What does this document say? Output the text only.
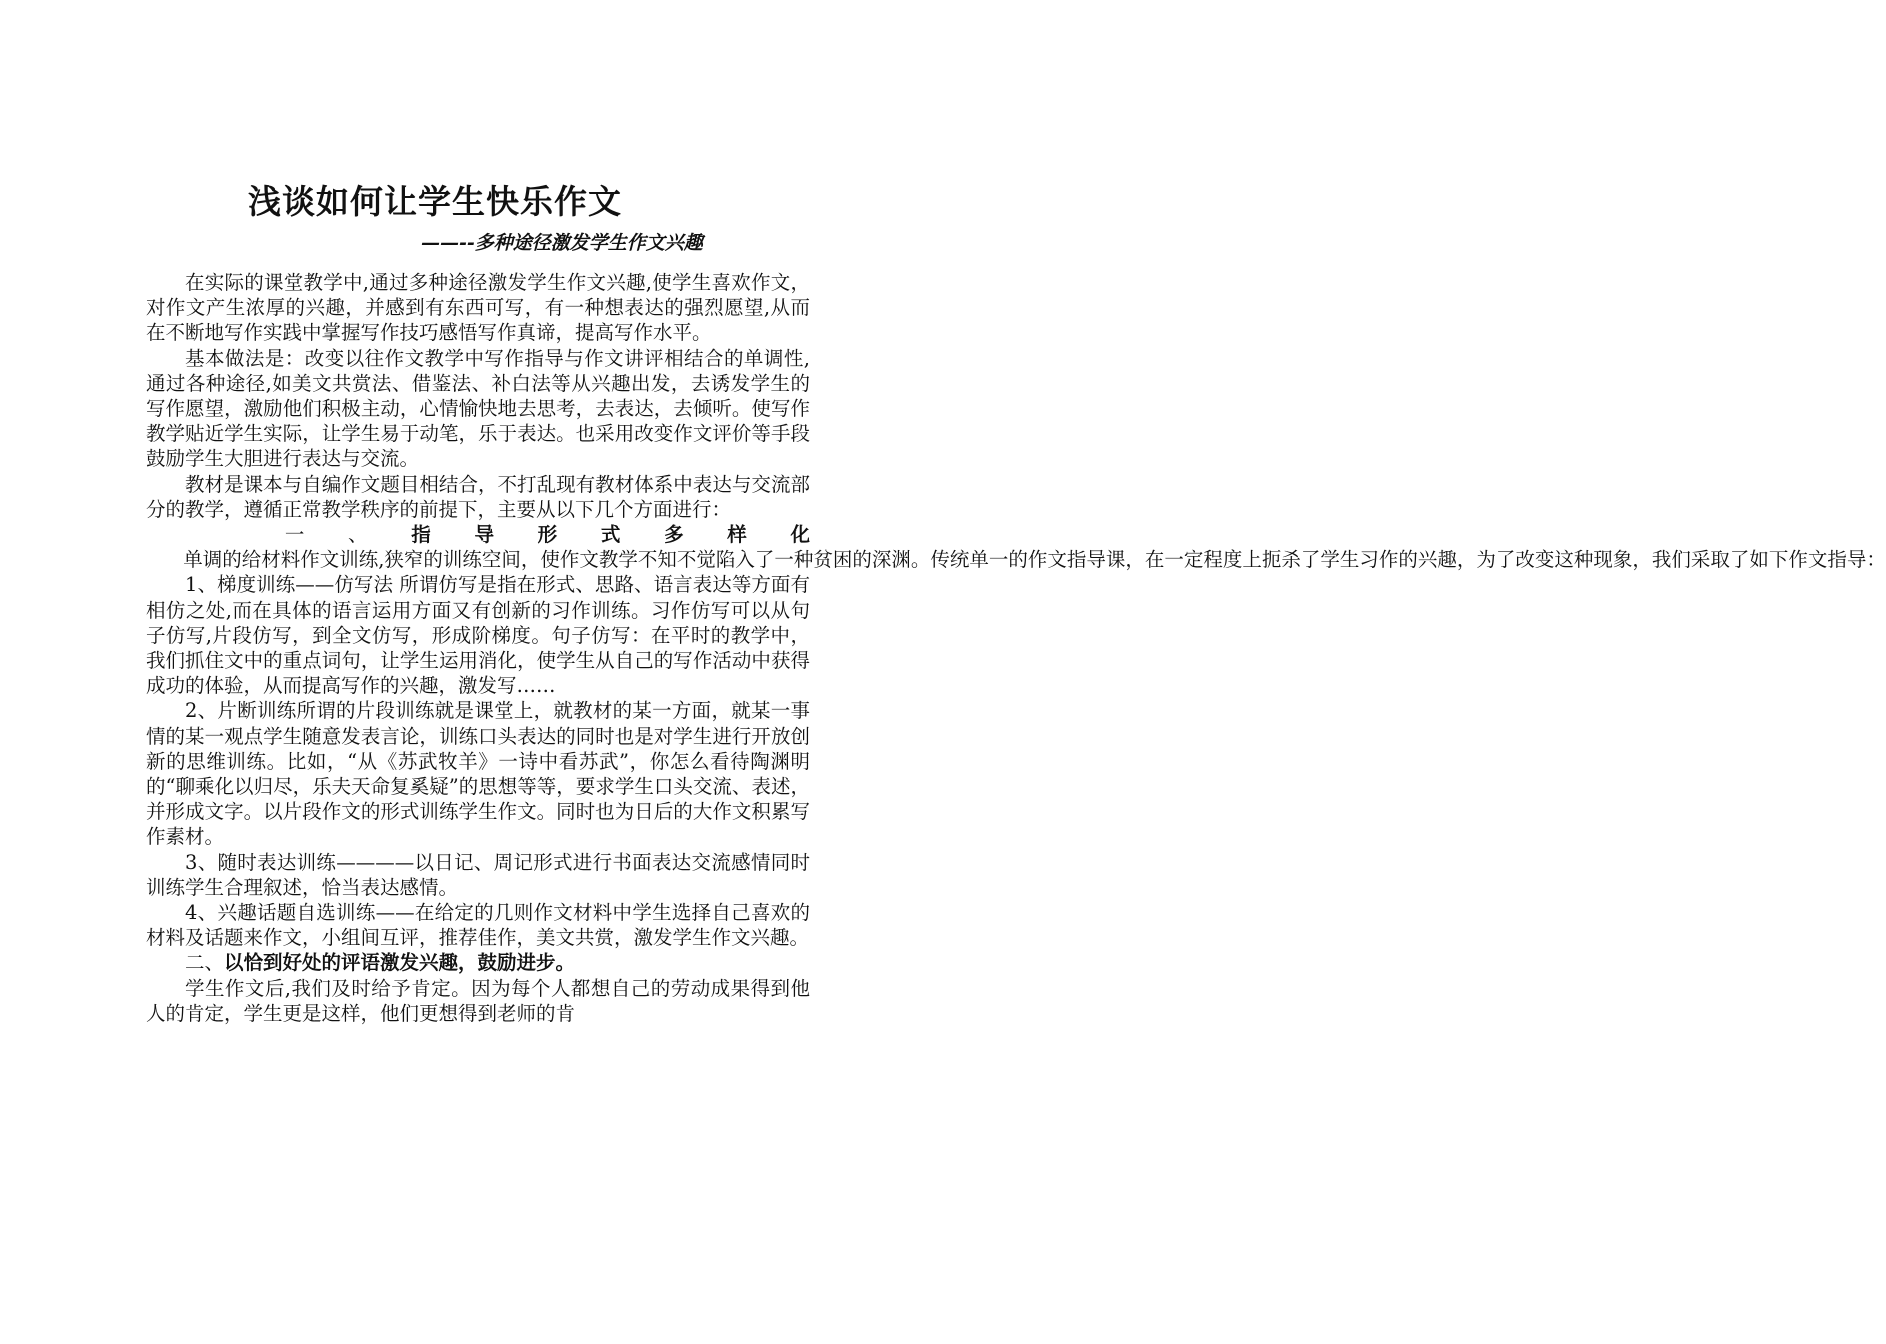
浅谈如何让学生快乐作文
——--多种途径激发学生作文兴趣

在实际的课堂教学中,通过多种途径激发学生作文兴趣,使学生喜欢作文，对作文产生浓厚的兴趣，并感到有东西可写，有一种想表达的强烈愿望,从而在不断地写作实践中掌握写作技巧感悟写作真谛，提高写作水平。

基本做法是：改变以往作文教学中写作指导与作文讲评相结合的单调性,通过各种途径,如美文共赏法、借鉴法、补白法等从兴趣出发，去诱发学生的写作愿望，激励他们积极主动，心情愉快地去思考，去表达，去倾听。使写作教学贴近学生实际，让学生易于动笔，乐于表达。也采用改变作文评价等手段鼓励学生大胆进行表达与交流。

教材是课本与自编作文题目相结合，不打乱现有教材体系中表达与交流部分的教学，遵循正常教学秩序的前提下，主要从以下几个方面进行：

一、指导形式多样化      单调的给材料作文训练,狭窄的训练空间，使作文教学不知不觉陷入了一种贫困的深渊。传统单一的作文指导课，在一定程度上扼杀了学生习作的兴趣，为了改变这种现象，我们采取了如下作文指导：

1、梯度训练——仿写法 所谓仿写是指在形式、思路、语言表达等方面有相仿之处,而在具体的语言运用方面又有创新的习作训练。习作仿写可以从句子仿写,片段仿写，到全文仿写，形成阶梯度。句子仿写：在平时的教学中，我们抓住文中的重点词句，让学生运用消化，使学生从自己的写作活动中获得成功的体验，从而提高写作的兴趣，激发写……

2、片断训练所谓的片段训练就是课堂上，就教材的某一方面，就某一事情的某一观点学生随意发表言论，训练口头表达的同时也是对学生进行开放创新的思维训练。比如，“从《苏武牧羊》一诗中看苏武”，你怎么看待陶渊明的“聊乘化以归尽，乐夫天命复奚疑”的思想等等，要求学生口头交流、表述，并形成文字。以片段作文的形式训练学生作文。同时也为日后的大作文积累写作素材。

3、随时表达训练————以日记、周记形式进行书面表达交流感情同时训练学生合理叙述，恰当表达感情。

4、兴趣话题自选训练——在给定的几则作文材料中学生选择自己喜欢的材料及话题来作文，小组间互评，推荐佳作，美文共赏，激发学生作文兴趣。

二、以恰到好处的评语激发兴趣，鼓励进步。

学生作文后,我们及时给予肯定。因为每个人都想自己的劳动成果得到他人的肯定，学生更是这样，他们更想得到老师的肯
